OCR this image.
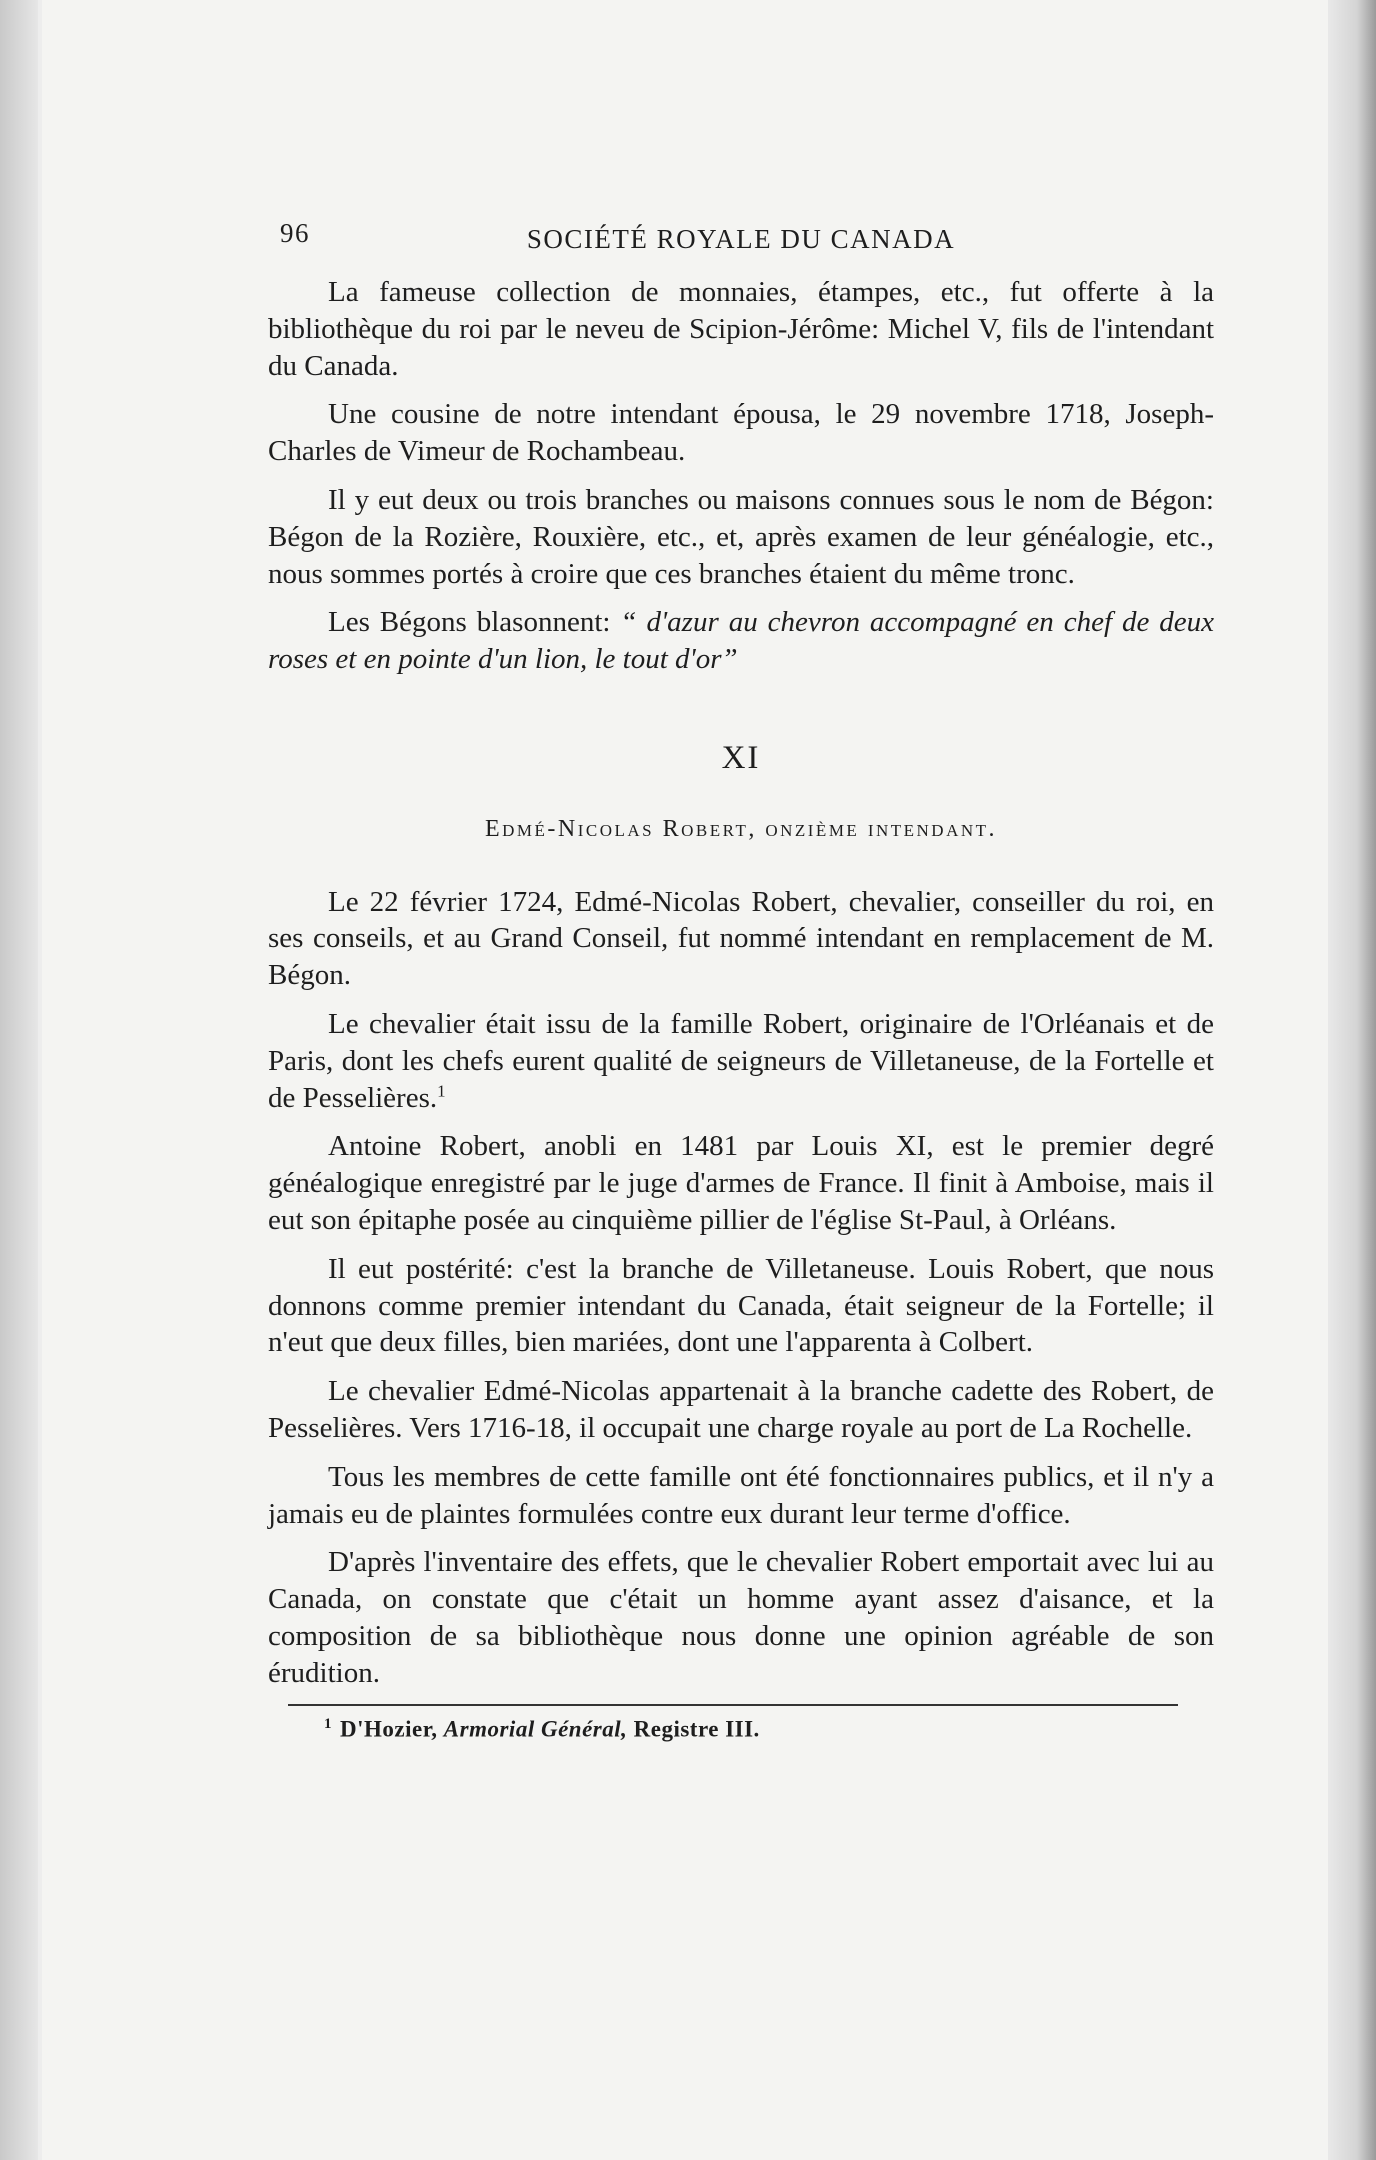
96	SOCIÉTÉ ROYALE DU CANADA

La fameuse collection de monnaies, étampes, etc., fut offerte à la bibliothèque du roi par le neveu de Scipion-Jérôme: Michel V, fils de l'intendant du Canada.

Une cousine de notre intendant épousa, le 29 novembre 1718, Joseph-Charles de Vimeur de Rochambeau.

Il y eut deux ou trois branches ou maisons connues sous le nom de Bégon: Bégon de la Rozière, Rouxière, etc., et, après examen de leur généalogie, etc., nous sommes portés à croire que ces branches étaient du même tronc.

Les Bégons blasonnent: “ d'azur au chevron accompagné en chef de deux roses et en pointe d'un lion, le tout d'or”

XI
Edmé-Nicolas Robert, onzième intendant.

Le 22 février 1724, Edmé-Nicolas Robert, chevalier, conseiller du roi, en ses conseils, et au Grand Conseil, fut nommé intendant en remplacement de M. Bégon.

Le chevalier était issu de la famille Robert, originaire de l'Orléanais et de Paris, dont les chefs eurent qualité de seigneurs de Villetaneuse, de la Fortelle et de Pesselières.$^1$

Antoine Robert, anobli en 1481 par Louis XI, est le premier degré généalogique enregistré par le juge d'armes de France. Il finit à Amboise, mais il eut son épitaphe posée au cinquième pillier de l'église St-Paul, à Orléans.

Il eut postérité: c'est la branche de Villetaneuse. Louis Robert, que nous donnons comme premier intendant du Canada, était seigneur de la Fortelle; il n'eut que deux filles, bien mariées, dont une l'apparenta à Colbert.

Le chevalier Edmé-Nicolas appartenait à la branche cadette des Robert, de Pesselières. Vers 1716-18, il occupait une charge royale au port de La Rochelle.

Tous les membres de cette famille ont été fonctionnaires publics, et il n'y a jamais eu de plaintes formulées contre eux durant leur terme d'office.

D'après l'inventaire des effets, que le chevalier Robert emportait avec lui au Canada, on constate que c'était un homme ayant assez d'aisance, et la composition de sa bibliothèque nous donne une opinion agréable de son érudition.

$^1$ D'Hozier, Armorial Général, Registre III.
